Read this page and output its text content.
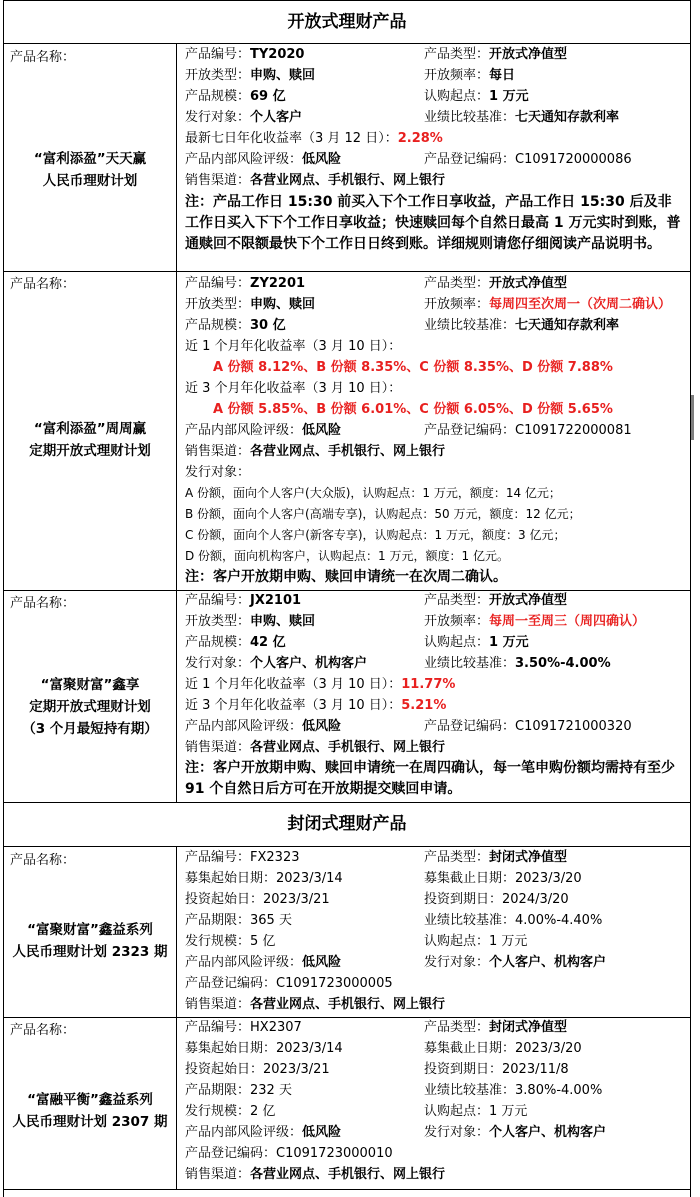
开放式理财产品
产品名称：
“富利添盈”天天赢
人民币理财计划
产品编号：TY2020	产品类型：开放式净值型
开放类型：申购、赎回	开放频率：每日
产品规模：69 亿	认购起点：1 万元
发行对象：个人客户	业绩比较基准：七天通知存款利率
最新七日年化收益率（3 月 12 日）：2.28%
产品内部风险评级：低风险	产品登记编码：C1091720000086
销售渠道：各营业网点、手机银行、网上银行
注：产品工作日 15:30 前买入下个工作日享收益，产品工作日 15:30 后及非工作日买入下下个工作日享收益；快速赎回每个自然日最高 1 万元实时到账，普通赎回不限额最快下个工作日日终到账。详细规则请您仔细阅读产品说明书。
产品名称：
“富利添盈”周周赢
定期开放式理财计划
产品编号：ZY2201	产品类型：开放式净值型
开放类型：申购、赎回	开放频率：每周四至次周一（次周二确认）
产品规模：30 亿	业绩比较基准：七天通知存款利率
近 1 个月年化收益率（3 月 10 日）：
A 份额 8.12%、B 份额 8.35%、C 份额 8.35%、D 份额 7.88%
近 3 个月年化收益率（3 月 10 日）：
A 份额 5.85%、B 份额 6.01%、C 份额 6.05%、D 份额 5.65%
产品内部风险评级：低风险	产品登记编码：C1091722000081
销售渠道：各营业网点、手机银行、网上银行
发行对象：
A 份额，面向个人客户(大众版)，认购起点：1 万元，额度：14 亿元；
B 份额，面向个人客户(高端专享)，认购起点：50 万元，额度：12 亿元；
C 份额，面向个人客户(新客专享)，认购起点：1 万元，额度：3 亿元；
D 份额，面向机构客户，认购起点：1 万元，额度：1 亿元。
注：客户开放期申购、赎回申请统一在次周二确认。
产品名称：
“富聚财富”鑫享
定期开放式理财计划
（3 个月最短持有期）
产品编号：JX2101	产品类型：开放式净值型
开放类型：申购、赎回	开放频率：每周一至周三（周四确认）
产品规模：42 亿	认购起点：1 万元
发行对象：个人客户、机构客户	业绩比较基准：3.50%-4.00%
近 1 个月年化收益率（3 月 10 日）：11.77%
近 3 个月年化收益率（3 月 10 日）：5.21%
产品内部风险评级：低风险	产品登记编码：C1091721000320
销售渠道：各营业网点、手机银行、网上银行
注：客户开放期申购、赎回申请统一在周四确认，每一笔申购份额均需持有至少 91 个自然日后方可在开放期提交赎回申请。
封闭式理财产品
产品名称：
“富聚财富”鑫益系列
人民币理财计划 2323 期
产品编号：FX2323	产品类型：封闭式净值型
募集起始日期：2023/3/14	募集截止日期：2023/3/20
投资起始日：2023/3/21	投资到期日：2024/3/20
产品期限：365 天	业绩比较基准：4.00%-4.40%
发行规模：5 亿	认购起点：1 万元
产品内部风险评级：低风险	发行对象：个人客户、机构客户
产品登记编码：C1091723000005
销售渠道：各营业网点、手机银行、网上银行
产品名称：
“富融平衡”鑫益系列
人民币理财计划 2307 期
产品编号：HX2307	产品类型：封闭式净值型
募集起始日期：2023/3/14	募集截止日期：2023/3/20
投资起始日：2023/3/21	投资到期日：2023/11/8
产品期限：232 天	业绩比较基准：3.80%-4.00%
发行规模：2 亿	认购起点：1 万元
产品内部风险评级：低风险	发行对象：个人客户、机构客户
产品登记编码：C1091723000010
销售渠道：各营业网点、手机银行、网上银行
